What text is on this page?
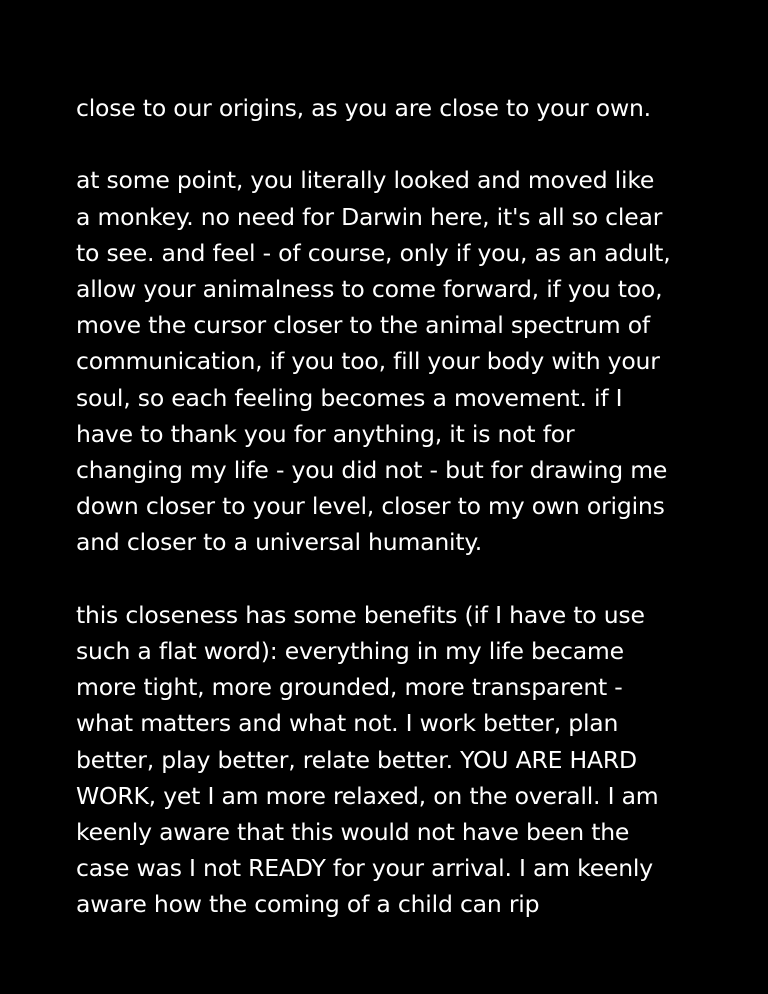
close to our origins, as you are close to your own.

at some point, you literally looked and moved like
a monkey. no need for Darwin here, it's all so clear
to see. and feel - of course, only if you, as an adult,
allow your animalness to come forward, if you too,
move the cursor closer to the animal spectrum of
communication, if you too, fill your body with your
soul, so each feeling becomes a movement. if I
have to thank you for anything, it is not for
changing my life - you did not - but for drawing me
down closer to your level, closer to my own origins
and closer to a universal humanity.

this closeness has some benefits (if I have to use
such a flat word): everything in my life became
more tight, more grounded, more transparent -
what matters and what not. I work better, plan
better, play better, relate better. YOU ARE HARD
WORK, yet I am more relaxed, on the overall. I am
keenly aware that this would not have been the
case was I not READY for your arrival. I am keenly
aware how the coming of a child can rip
